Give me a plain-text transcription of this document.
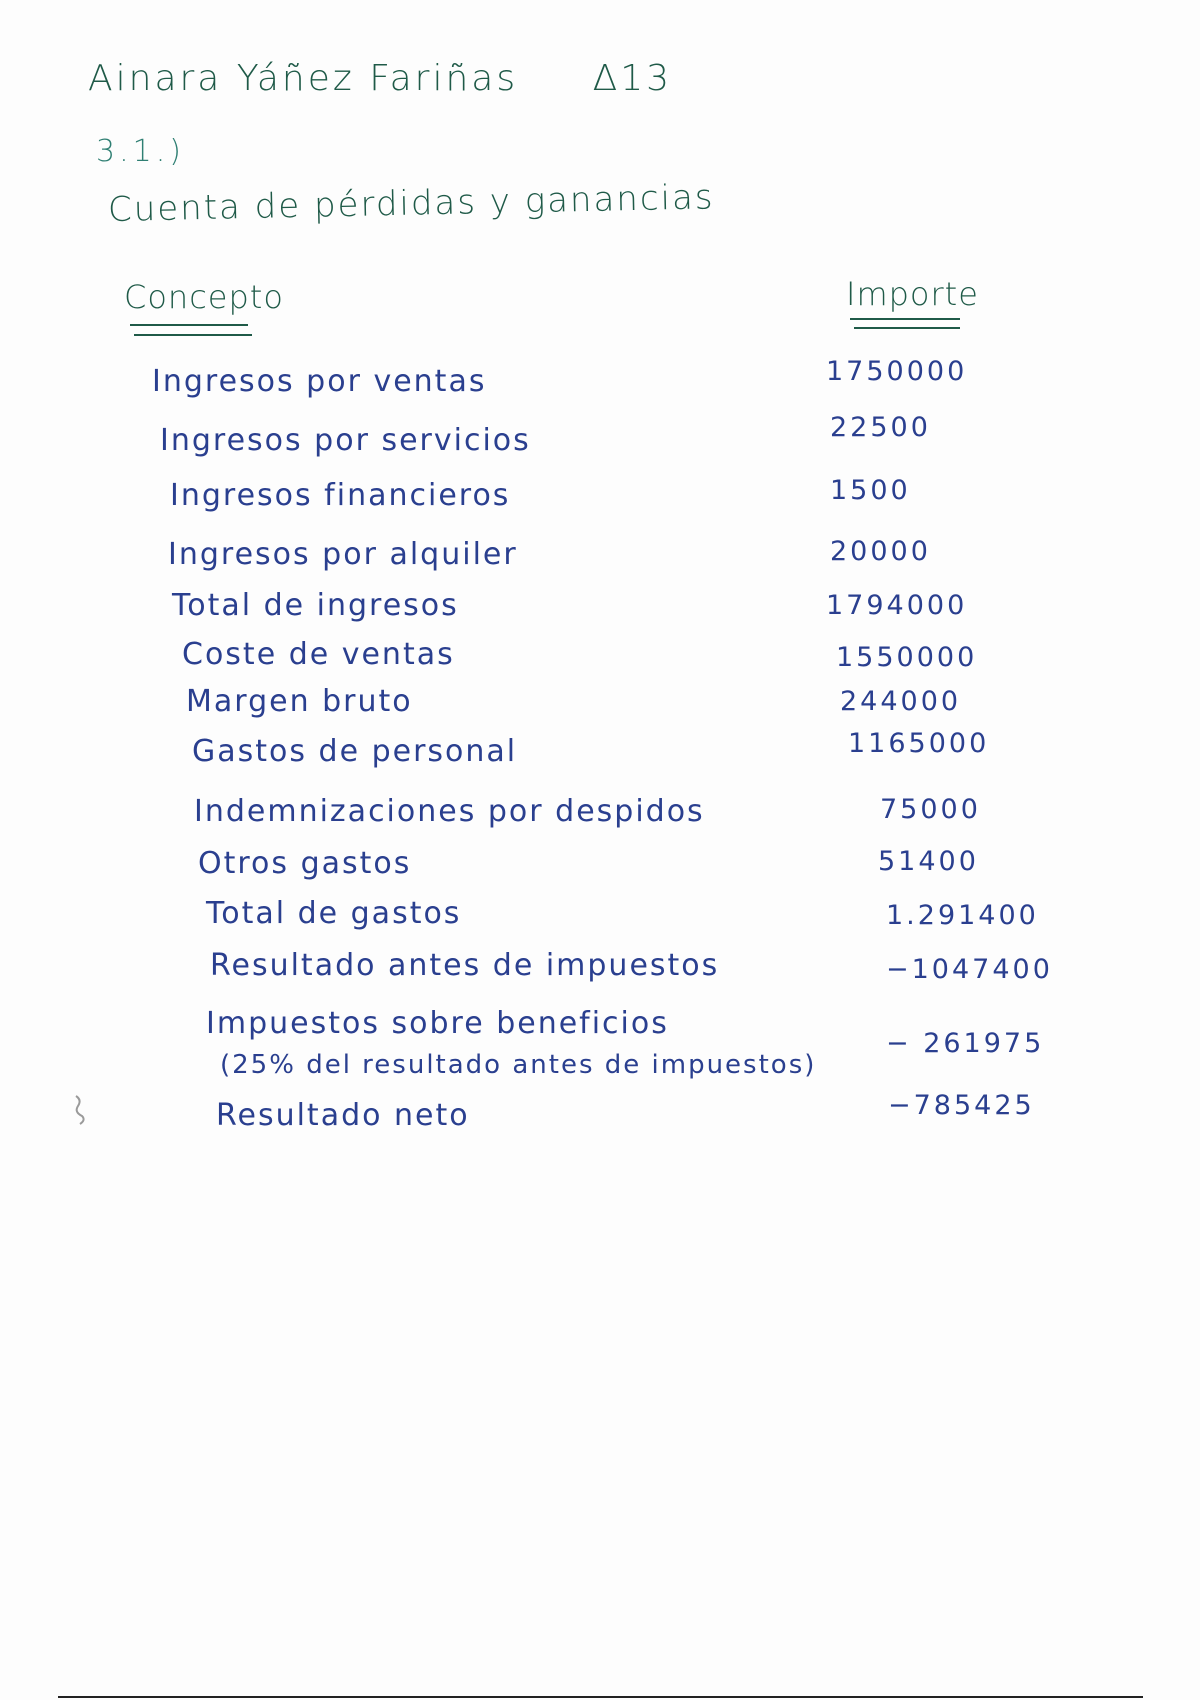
Ainara Yáñez Fariñas Δ13
3.1.)
Cuenta de pérdidas y ganancias
Concepto	Importe
Ingresos por ventas
Ingresos por servicios
Ingresos financieros
Ingresos por alquiler
Total de ingresos
Coste de ventas
Margen bruto
Gastos de personal
Indemnizaciones por despidos
Otros gastos
Total de gastos
Resultado antes de impuestos
Impuestos sobre beneficios
(25% del resultado antes de impuestos)
Resultado neto
1750000
22500
1500
20000
1794000
1550000
244000
1165000
75000
51400
1.291400
−1047400
− 261975
−785425
